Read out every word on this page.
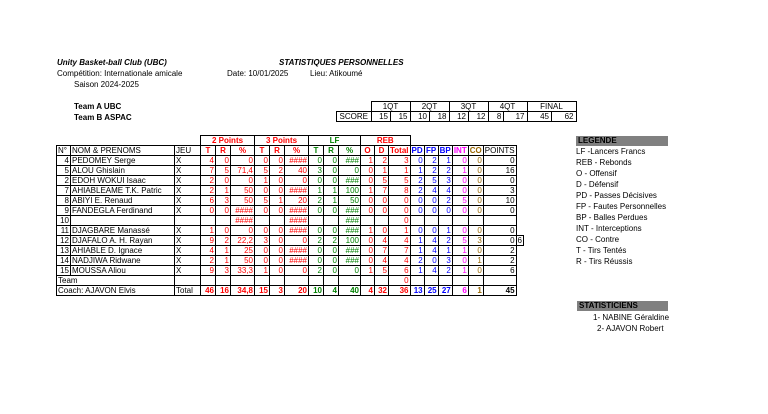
Unity Basket-ball Club (UBC)	STATISTIQUES PERSONNELLES
Compétition: Internationale amicale	Date: 10/01/2025	Lieu: Atikoumé
Saison 2024-2025
Team A UBC
Team B ASPAC
	1QT		2QT		3QT		4QT		FINAL	
SCORE	15	15	10	18	12	12	8	17	45	62
			2 Points			3 Points			LF			REB									
N°	NOM & PRENOMS	JEU	T	R	%	T	R	%	T	R	%	O	D	Total	PD	FP	BP	INT	CO	POINTS	
4	PEDOMEY Serge	X	4	0	0	0	0	####	0	0	###	1	2	3	0	2	1	0	0	0	
5	ALOU Ghislain	X	7	5	71,4	5	2	40	3	0	0	0	1	1	1	2	2	1	0	16	
2	EDOH WOKUI Isaac	X	2	0	0	1	0	0	0	0	###	0	5	5	2	5	3	0	0	0	
7	AHIABLEAME T.K. Patric	X	2	1	50	0	0	####	1	1	100	1	7	8	2	4	4	0	0	3	
8	ABIYI E. Renaud	X	6	3	50	5	1	20	2	1	50	0	0	0	0	0	2	5	0	10	
9	FANDEGLA Ferdinand	X	0	0	####	0	0	####	0	0	###	0	0	0	0	0	0	0	0	0	
10					####			####			###			0							
11	DJAGBARE Manassé	X	1	0	0	0	0	####	0	0	###	1	0	1	0	0	1	0	0	0	
12	DJAFALO A. H. Rayan	X	9	2	22,2	3	0	0	2	2	100	0	4	4	1	4	2	5	3	0	6
13	AHIABLE D. Ignace	X	4	1	25	0	0	####	0	0	###	0	7	7	1	4	1	1	0	2	
14	NADJIWA Ridwane	X	2	1	50	0	0	####	0	0	###	0	4	4	2	0	3	0	1	2	
15	MOUSSA Aliou	X	9	3	33,3	1	0	0	2	0	0	1	5	6	1	4	2	1	0	6	
Team														0							
Coach: AJAVON Elvis		Total	46	16	34,8	15	3	20	10	4	40	4	32	36	13	25	27	6	1	45	
LEGENDE
LF -Lancers Francs
REB - Rebonds
O - Offensif
D - Défensif
PD - Passes Décisives
FP - Fautes Personnelles
BP - Balles Perdues
INT - Interceptions
CO - Contre
T - Tirs Tentés
R - Tirs Réussis
STATISTICIENS
1- NABINE Géraldine
2- AJAVON Robert
